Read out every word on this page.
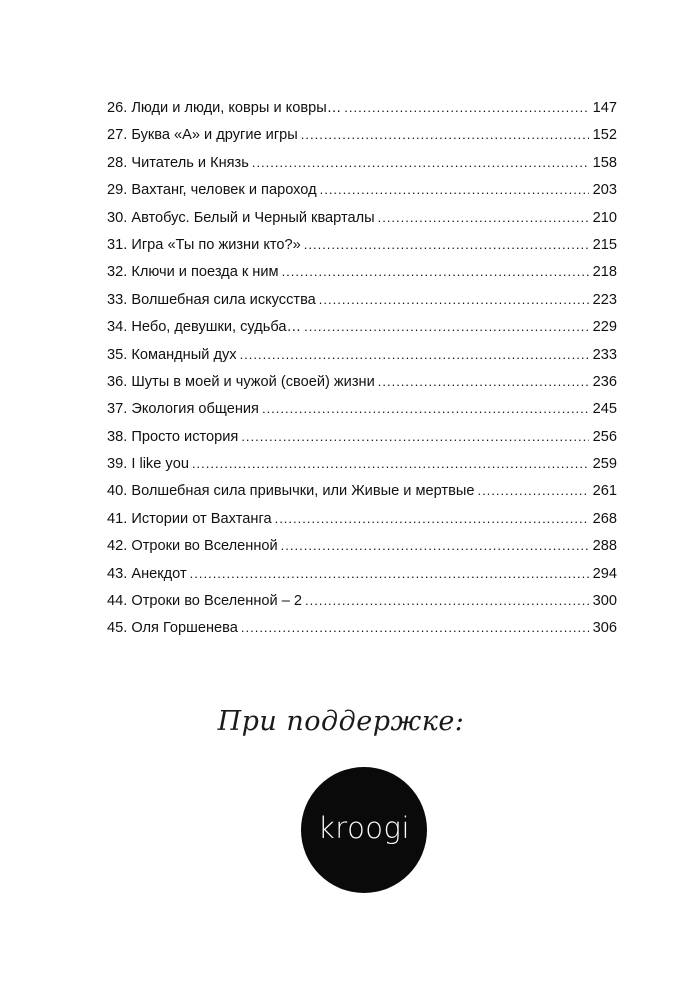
26. Люди и люди, ковры и ковры… .....	147
27. Буква «А» и другие игры .....	152
28. Читатель и Князь .....	158
29. Вахтанг, человек и пароход .....	203
30. Автобус. Белый и Черный кварталы .....	210
31. Игра «Ты по жизни кто?» .....	215
32. Ключи и поезда к ним .....	218
33. Волшебная сила искусства .....	223
34. Небо, девушки, судьба… .....	229
35. Командный дух .....	233
36. Шуты в моей и чужой (своей) жизни .....	236
37. Экология общения .....	245
38. Просто история .....	256
39. I like you .....	259
40. Волшебная сила привычки, или Живые и мертвые .....	261
41. Истории от Вахтанга .....	268
42. Отроки во Вселенной .....	288
43. Анекдот .....	294
44. Отроки во Вселенной – 2 .....	300
45. Оля Горшенева .....	306
При поддержке:
kroogi
